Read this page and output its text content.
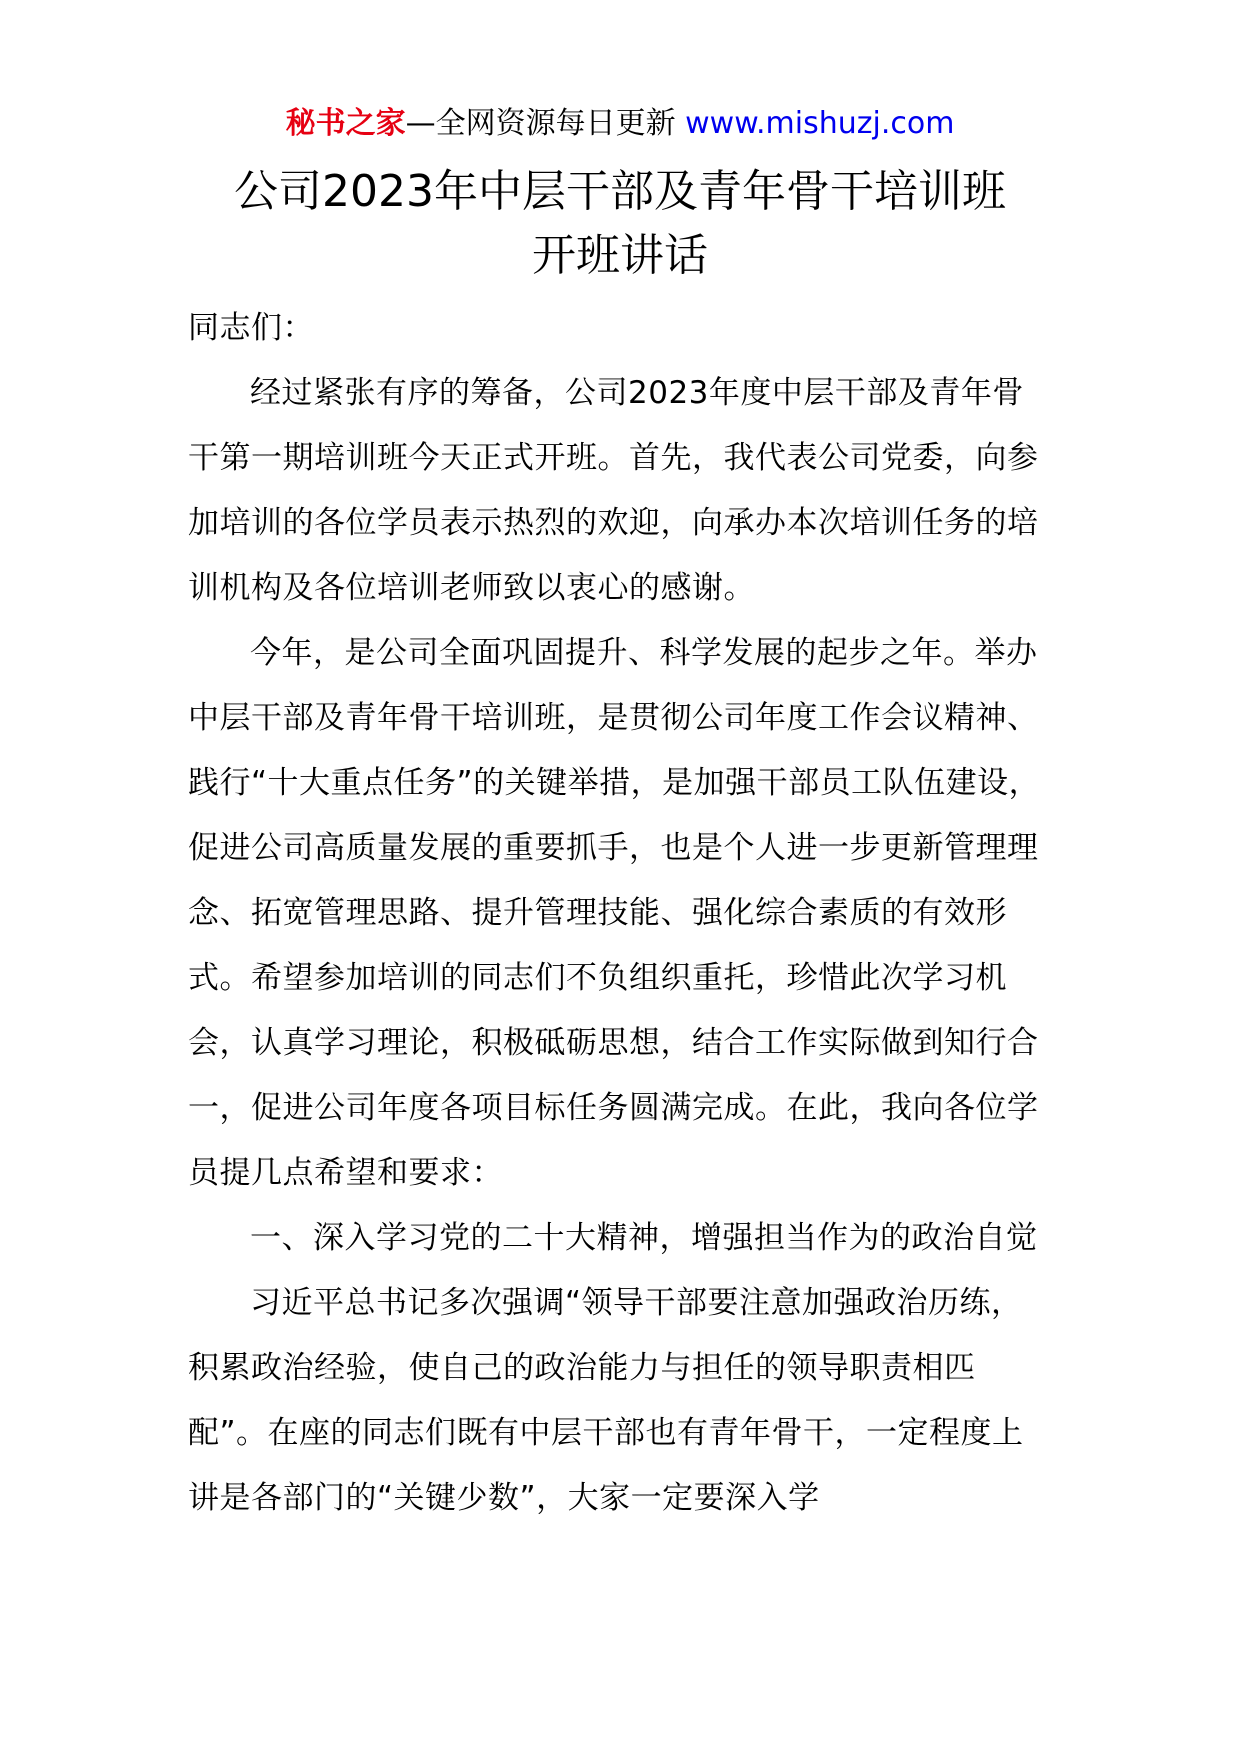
秘书之家—全网资源每日更新 www.mishuzj.com
公司2023年中层干部及青年骨干培训班
开班讲话

同志们：

经过紧张有序的筹备，公司2023年度中层干部及青年骨干第一期培训班今天正式开班。首先，我代表公司党委，向参加培训的各位学员表示热烈的欢迎，向承办本次培训任务的培训机构及各位培训老师致以衷心的感谢。

今年，是公司全面巩固提升、科学发展的起步之年。举办中层干部及青年骨干培训班，是贯彻公司年度工作会议精神、践行“十大重点任务”的关键举措，是加强干部员工队伍建设，促进公司高质量发展的重要抓手，也是个人进一步更新管理理念、拓宽管理思路、提升管理技能、强化综合素质的有效形式。希望参加培训的同志们不负组织重托，珍惜此次学习机会，认真学习理论，积极砥砺思想，结合工作实际做到知行合一，促进公司年度各项目标任务圆满完成。在此，我向各位学员提几点希望和要求：

一、深入学习党的二十大精神，增强担当作为的政治自觉

习近平总书记多次强调“领导干部要注意加强政治历练，积累政治经验，使自己的政治能力与担任的领导职责相匹配”。在座的同志们既有中层干部也有青年骨干，一定程度上讲是各部门的“关键少数”，大家一定要深入学
